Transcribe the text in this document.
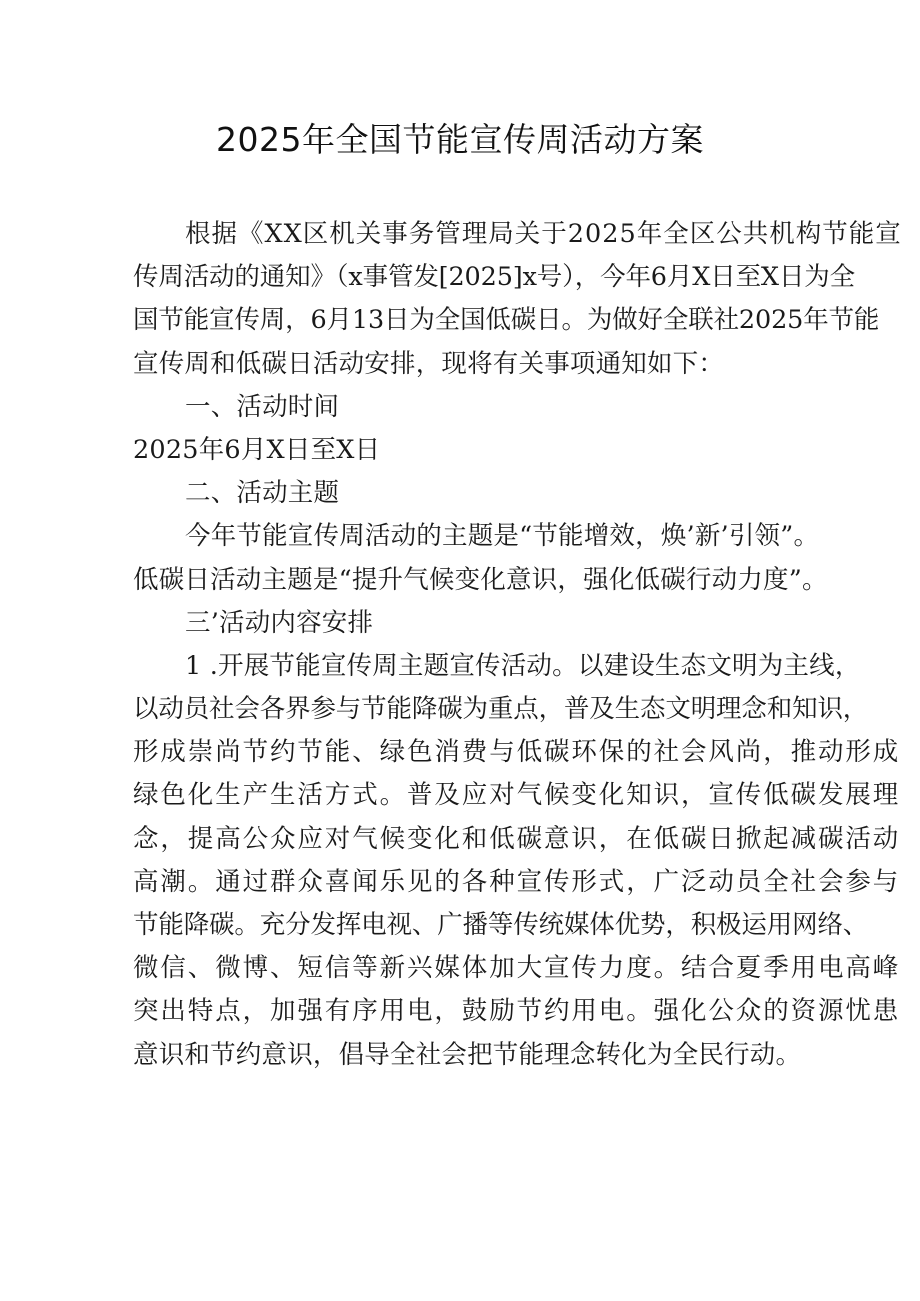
2025年全国节能宣传周活动方案
根据《XX区机关事务管理局关于2025年全区公共机构节能宣
传周活动的通知》（x事管发[2025]x号），今年6月X日至X日为全
国节能宣传周，6月13日为全国低碳日。为做好全联社2025年节能
宣传周和低碳日活动安排，现将有关事项通知如下：
一、活动时间
2025年6月X日至X日
二、活动主题
今年节能宣传周活动的主题是“节能增效，焕’新’引领”。
低碳日活动主题是“提升气候变化意识，强化低碳行动力度”。
三’活动内容安排
1 .开展节能宣传周主题宣传活动。以建设生态文明为主线，
以动员社会各界参与节能降碳为重点，普及生态文明理念和知识，
形成崇尚节约节能、绿色消费与低碳环保的社会风尚，推动形成
绿色化生产生活方式。普及应对气候变化知识，宣传低碳发展理
念，提高公众应对气候变化和低碳意识，在低碳日掀起减碳活动
高潮。通过群众喜闻乐见的各种宣传形式，广泛动员全社会参与
节能降碳。充分发挥电视、广播等传统媒体优势，积极运用网络、
微信、微博、短信等新兴媒体加大宣传力度。结合夏季用电高峰
突出特点，加强有序用电，鼓励节约用电。强化公众的资源忧患
意识和节约意识，倡导全社会把节能理念转化为全民行动。
